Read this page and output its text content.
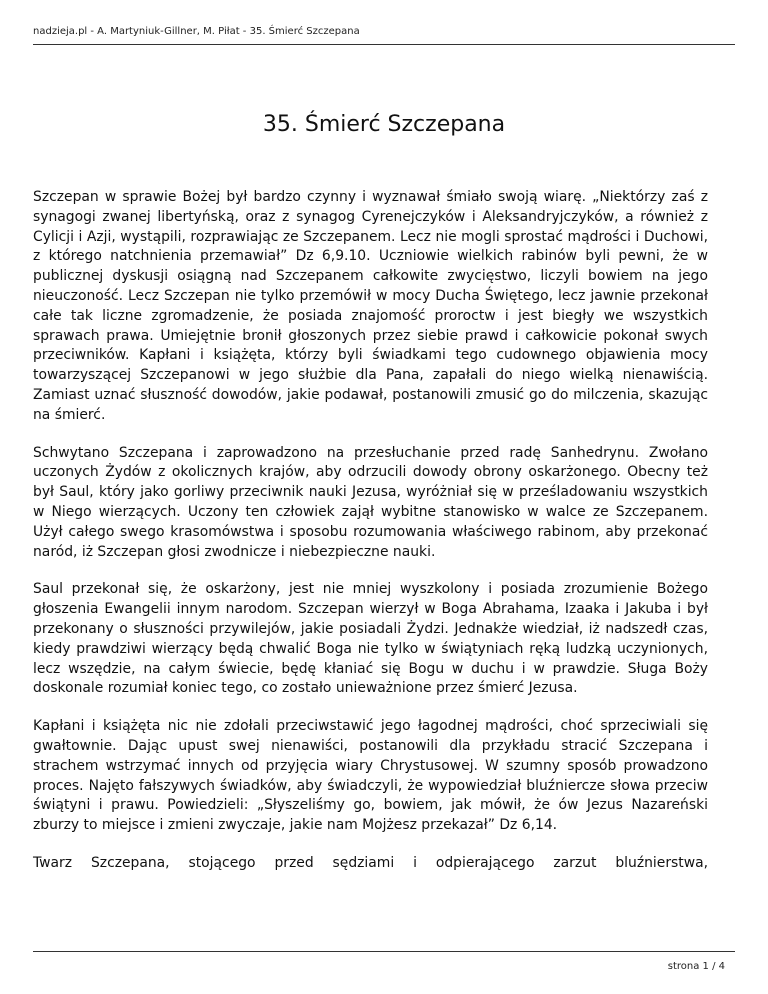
nadzieja.pl - A. Martyniuk-Gillner, M. Piłat - 35. Śmierć Szczepana
35. Śmierć Szczepana

Szczepan w sprawie Bożej był bardzo czynny i wyznawał śmiało swoją wiarę. „Niektórzy zaś z synagogi zwanej libertyńską, oraz z synagog Cyrenejczyków i Aleksandryjczyków, a również z Cylicji i Azji, wystąpili, rozprawiając ze Szczepanem. Lecz nie mogli sprostać mądrości i Duchowi, z którego natchnienia przemawiał” Dz 6,9.10. Uczniowie wielkich rabinów byli pewni, że w publicznej dyskusji osiągną nad Szczepanem całkowite zwycięstwo, liczyli bowiem na jego nieuczoność. Lecz Szczepan nie tylko przemówił w mocy Ducha Świętego, lecz jawnie przekonał całe tak liczne zgromadzenie, że posiada znajomość proroctw i jest biegły we wszystkich sprawach prawa. Umiejętnie bronił głoszonych przez siebie prawd i całkowicie pokonał swych przeciwników. Kapłani i książęta, którzy byli świadkami tego cudownego objawienia mocy towarzyszącej Szczepanowi w jego służbie dla Pana, zapałali do niego wielką nienawiścią. Zamiast uznać słuszność dowodów, jakie podawał, postanowili zmusić go do milczenia, skazując na śmierć.

Schwytano Szczepana i zaprowadzono na przesłuchanie przed radę Sanhedrynu. Zwołano uczonych Żydów z okolicznych krajów, aby odrzucili dowody obrony oskarżonego. Obecny też był Saul, który jako gorliwy przeciwnik nauki Jezusa, wyróżniał się w prześladowaniu wszystkich w Niego wierzących. Uczony ten człowiek zajął wybitne stanowisko w walce ze Szczepanem. Użył całego swego krasomówstwa i sposobu rozumowania właściwego rabinom, aby przekonać naród, iż Szczepan głosi zwodnicze i niebezpieczne nauki.

Saul przekonał się, że oskarżony, jest nie mniej wyszkolony i posiada zrozumienie Bożego głoszenia Ewangelii innym narodom. Szczepan wierzył w Boga Abrahama, Izaaka i Jakuba i był przekonany o słuszności przywilejów, jakie posiadali Żydzi. Jednakże wiedział, iż nadszedł czas, kiedy prawdziwi wierzący będą chwalić Boga nie tylko w świątyniach ręką ludzką uczynionych, lecz wszędzie, na całym świecie, będę kłaniać się Bogu w duchu i w prawdzie. Sługa Boży doskonale rozumiał koniec tego, co zostało unieważnione przez śmierć Jezusa.

Kapłani i książęta nic nie zdołali przeciwstawić jego łagodnej mądrości, choć sprzeciwiali się gwałtownie. Dając upust swej nienawiści, postanowili dla przykładu stracić Szczepana i strachem wstrzymać innych od przyjęcia wiary Chrystusowej. W szumny sposób prowadzono proces. Najęto fałszywych świadków, aby świadczyli, że wypowiedział bluźniercze słowa przeciw świątyni i prawu. Powiedzieli: „Słyszeliśmy go, bowiem, jak mówił, że ów Jezus Nazareński zburzy to miejsce i zmieni zwyczaje, jakie nam Mojżesz przekazał” Dz 6,14.

Twarz Szczepana, stojącego przed sędziami i odpierającego zarzut bluźnierstwa,

strona 1 / 4
